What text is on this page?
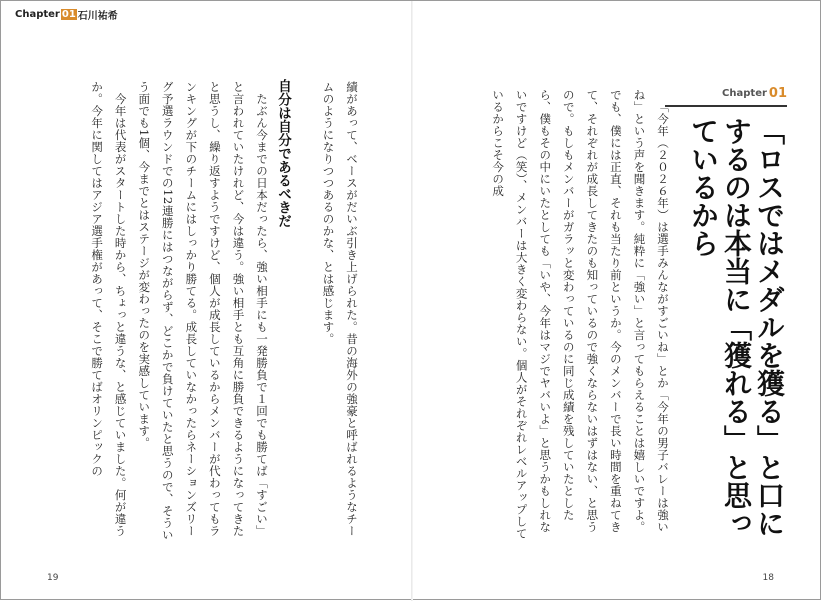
Chapter 01 石川祐希
Chapter 01
「ロスではメダルを獲る」と口にするのは本当に「獲れる」と思っているから

「今年（２０２６年）は選手みんながすごいね」とか「今年の男子バレーは強いね」という声を聞きます。純粋に「強い」と言ってもらえることは嬉しいですよ。でも、僕には正直、それも当たり前というか。今のメンバーで長い時間を重ねてきて、それぞれが成長してきたのも知っているので強くならないはずはない、と思うので。もしもメンバーがガラッと変わっているのに同じ成績を残していたとしたら、僕もその中にいたとしても「いや、今年はマジでヤバいよ」と思うかもしれないですけど（笑）、メンバーは大きく変わらない。個人がそれぞれレベルアップしているからこそ今の成

績があって、ベースがだいぶ引き上げられた。昔の海外の強豪と呼ばれるようなチームのようになりつつあるのかな、とは感じます。

自分は自分であるべきだ

たぶん今までの日本だったら、強い相手にも一発勝負で１回でも勝てば「すごい」と言われていたけれど、今は違う。強い相手とも互角に勝負できるようになってきたと思うし、繰り返すようですけど、個人が成長しているからメンバーが代わってもランキングが下のチームにはしっかり勝てる。成長していなかったらネーションズリーグ予選ラウンドでの12連勝にはつながらず、どこかで負けていたと思うので、そういう面でも1個、今までとはステージが変わったのを実感しています。

今年は代表がスタートした時から、ちょっと違うな、と感じていました。何が違うか。今年に関してはアジア選手権があって、そこで勝てばオリンピックの

19	18
